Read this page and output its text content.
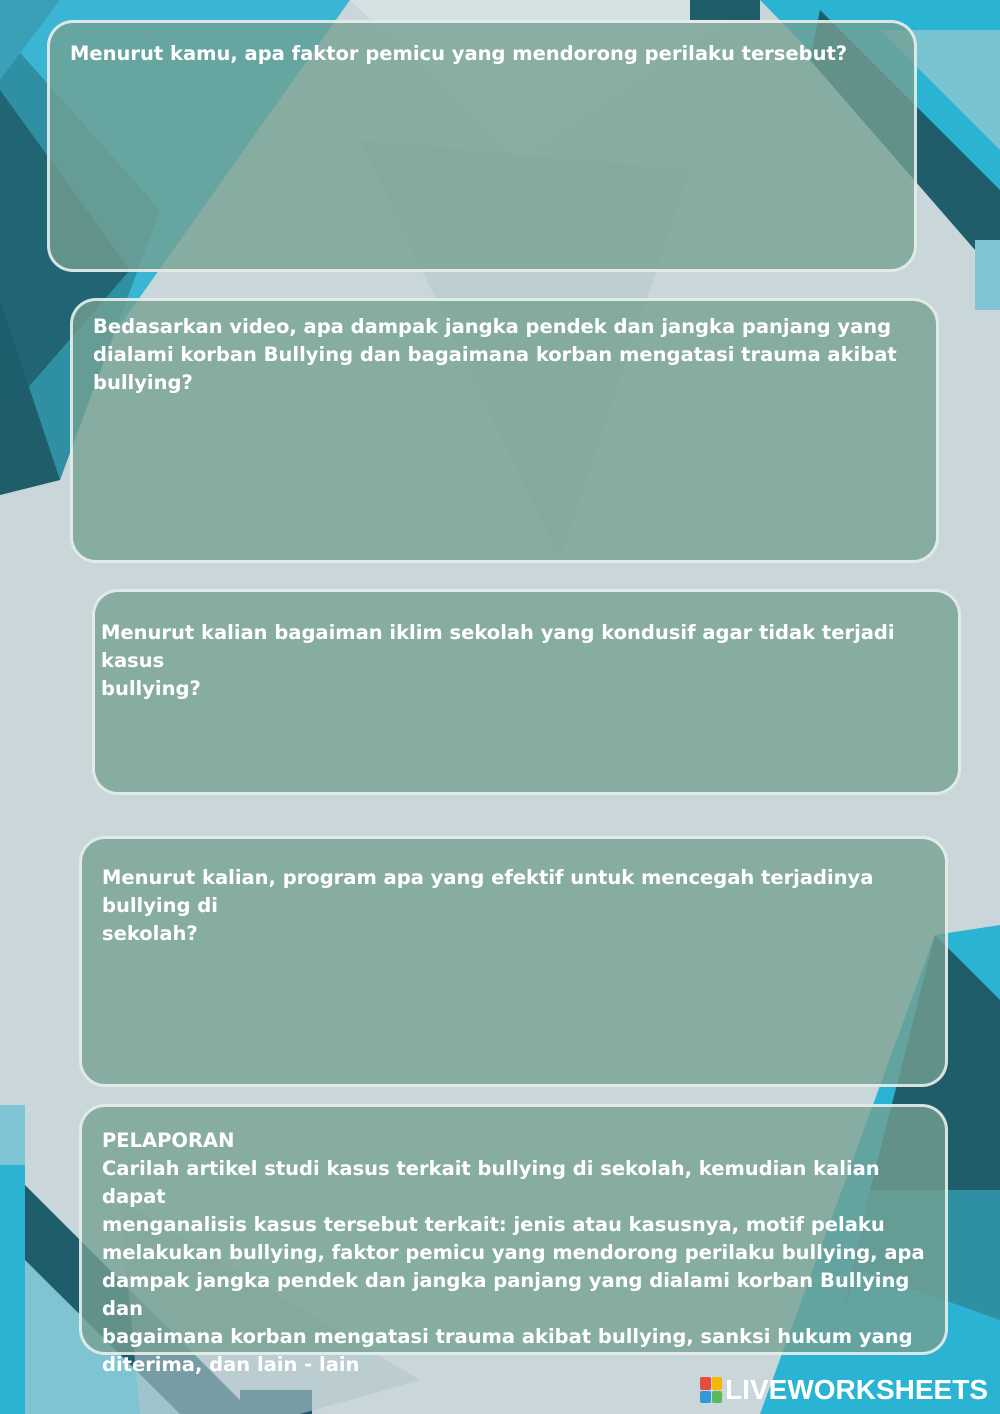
Menurut kamu, apa faktor pemicu yang mendorong perilaku tersebut?

Bedasarkan video, apa dampak jangka pendek dan jangka panjang yang
dialami korban Bullying dan bagaimana korban mengatasi trauma akibat
bullying?

Menurut kalian bagaiman iklim sekolah yang kondusif agar tidak terjadi kasus
bullying?

Menurut kalian, program apa yang efektif untuk mencegah terjadinya bullying di
sekolah?

PELAPORAN

Carilah artikel studi kasus terkait bullying di sekolah, kemudian kalian dapat
menganalisis kasus tersebut terkait: jenis atau kasusnya, motif pelaku
melakukan bullying, faktor pemicu yang mendorong perilaku bullying, apa
dampak jangka pendek dan jangka panjang yang dialami korban Bullying dan
bagaimana korban mengatasi trauma akibat bullying, sanksi hukum yang
diterima, dan lain - lain

LIVEWORKSHEETS
